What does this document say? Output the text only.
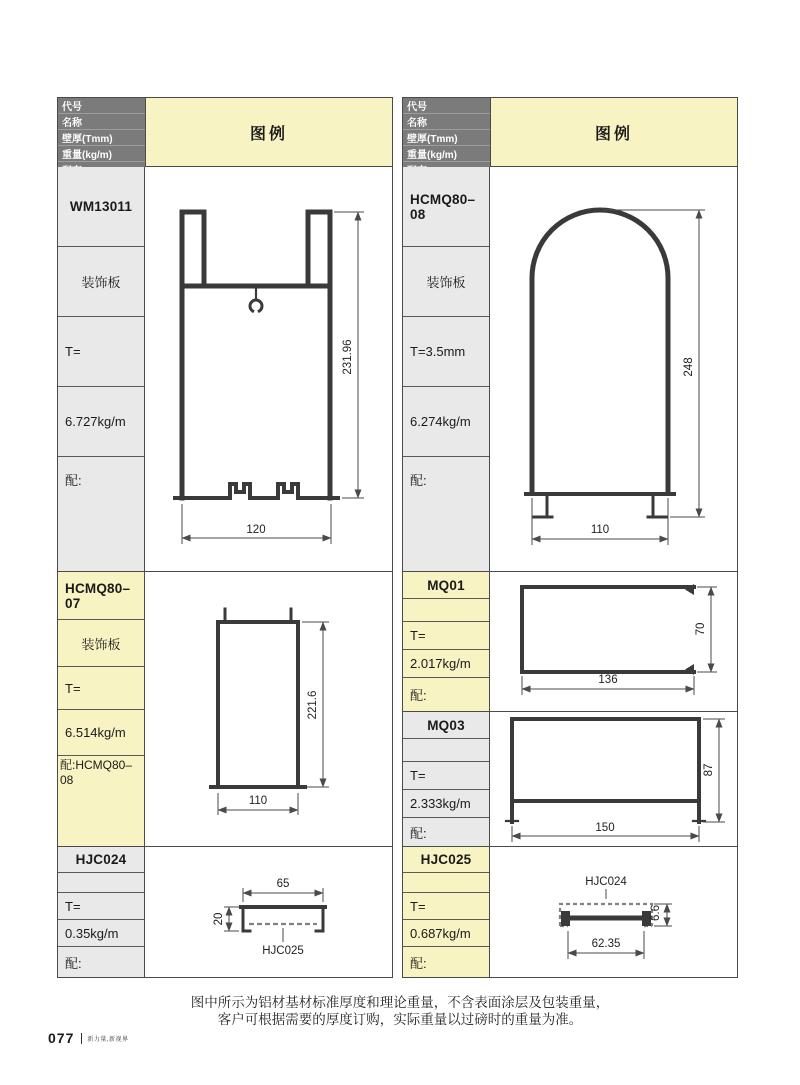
代号
名称
壁厚(Tmm)
重量(kg/m)
图例
WM13011
装饰板
T=
6.727kg/m
配:
231.96
120
HCMQ80–07
装饰板
T=
6.514kg/m
配:HCMQ80–08
221.6
110
HJC024
T=
0.35kg/m
配:
65
HJC025
20
代号
名称
壁厚(Tmm)
重量(kg/m)
图例
HCMQ80–08
装饰板
T=3.5mm
6.274kg/m
配:
248
110
MQ01
T=
2.017kg/m
配:
70
136
MQ03
T=
2.333kg/m
配:
87
150
HJC025
T=
0.687kg/m
配:
HJC024
6.6
62.35
图中所示为铝材基材标准厚度和理论重量，不含表面涂层及包装重量，
客户可根据需要的厚度订购，实际重量以过磅时的重量为准。
077 新力量,新视界
